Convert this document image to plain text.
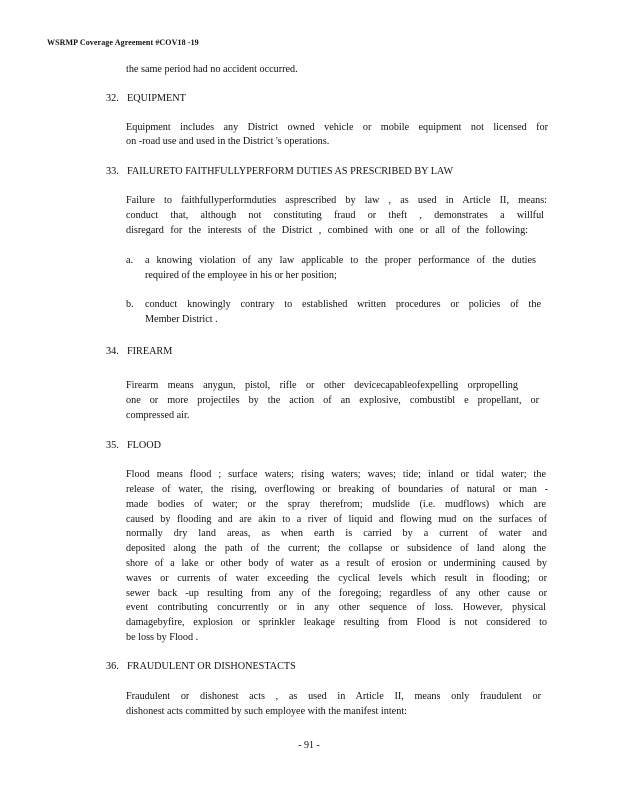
WSRMP Coverage Agreement #COV18 -19
the same period had no accident occurred.
32. EQUIPMENT
Equipment includes any District owned vehicle or mobile equipment not licensed for
on -road use and used in the District 's operations.
33. FAILURETO FAITHFULLYPERFORM DUTIES AS PRESCRIBED BY LAW
Failure to faithfullyperformduties asprescribed by law , as used in Article II, means:
conduct that, although not constituting fraud or theft , demonstrates a willful
disregard for the interests of the District , combined with one or all of the following:
a. a knowing violation of any law applicable to the proper performance of the duties
required of the employee in his or her position;
b. conduct knowingly contrary to established written procedures or policies of the
Member District .
34. FIREARM
Firearm means anygun, pistol, rifle or other devicecapableofexpelling orpropelling
one or more projectiles by the action of an explosive, combustibl e propellant, or
compressed air.
35. FLOOD
Flood means flood ; surface waters; rising waters; waves; tide; inland or tidal water; the
release of water, the rising, overflowing or breaking of boundaries of natural or man -
made bodies of water; or the spray therefrom; mudslide (i.e. mudflows) which are
caused by flooding and are akin to a river of liquid and flowing mud on the surfaces of
normally dry land areas, as when earth is carried by a current of water and
deposited along the path of the current; the collapse or subsidence of land along the
shore of a lake or other body of water as a result of erosion or undermining caused by
waves or currents of water exceeding the cyclical levels which result in flooding; or
sewer back -up resulting from any of the foregoing; regardless of any other cause or
event contributing concurrently or in any other sequence of loss. However, physical
damagebyfire, explosion or sprinkler leakage resulting from Flood is not considered to
be loss by Flood .
36. FRAUDULENT OR DISHONESTACTS
Fraudulent or dishonest acts , as used in Article II, means only fraudulent or
dishonest acts committed by such employee with the manifest intent:
- 91 -
